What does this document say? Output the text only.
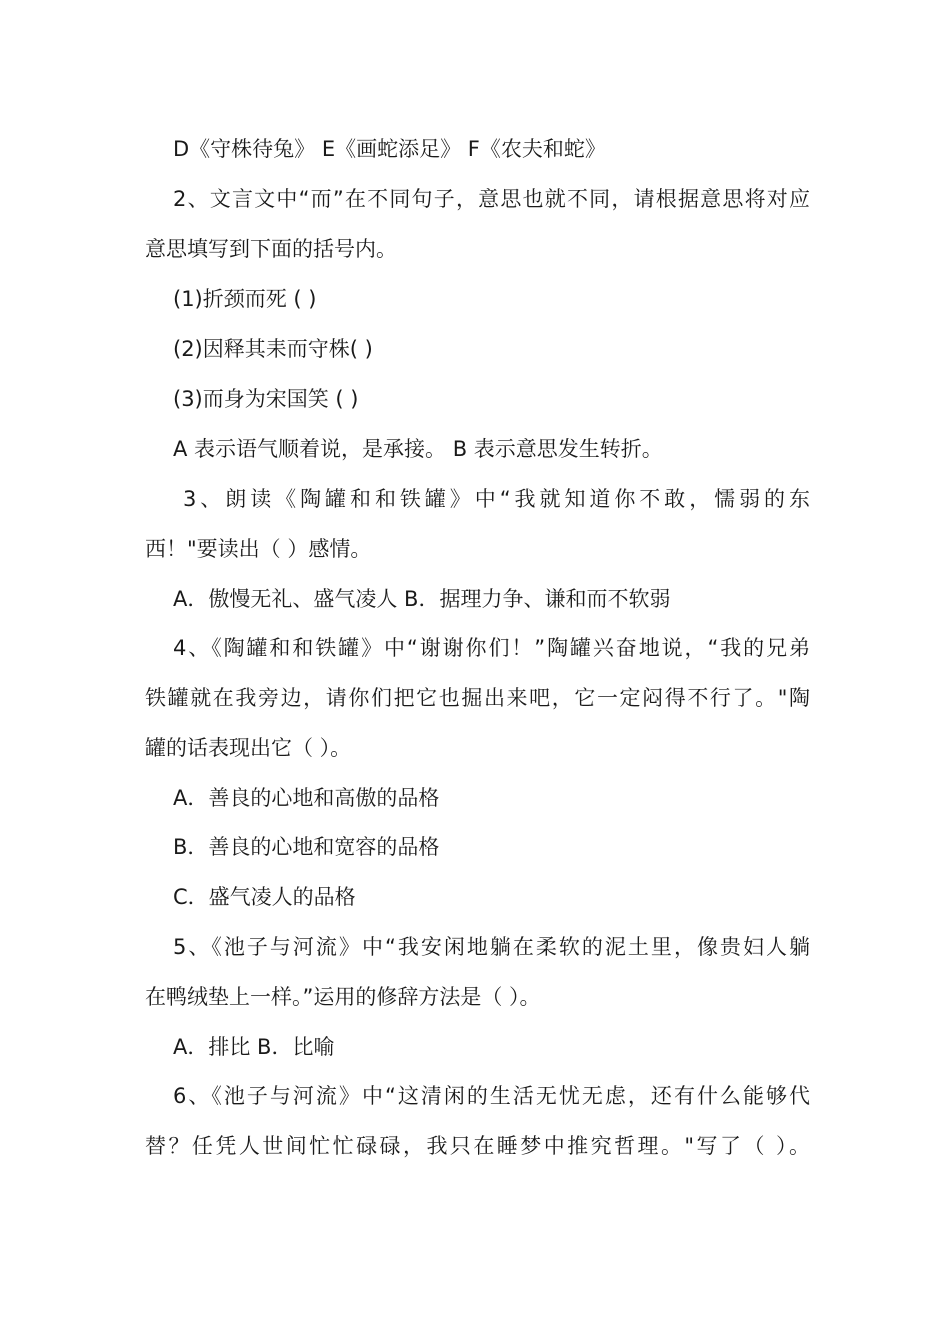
D《守株待兔》 E《画蛇添足》 F《农夫和蛇》
2、文言文中“而”在不同句子，意思也就不同，请根据意思将对应
意思填写到下面的括号内。
(1)折颈而死 ( )
(2)因释其耒而守株( )
(3)而身为宋国笑 ( )
A 表示语气顺着说，是承接。 B 表示意思发生转折。
3、朗读《陶罐和和铁罐》中“我就知道你不敢，懦弱的东
西！"要读出（ ）感情。
A．傲慢无礼、盛气凌人 B．据理力争、谦和而不软弱
4、《陶罐和和铁罐》中“谢谢你们！”陶罐兴奋地说，“我的兄弟
铁罐就在我旁边，请你们把它也掘出来吧，它一定闷得不行了。"陶
罐的话表现出它（ ）。
A．善良的心地和高傲的品格
B．善良的心地和宽容的品格
C．盛气凌人的品格
5、《池子与河流》中“我安闲地躺在柔软的泥土里，像贵妇人躺
在鸭绒垫上一样。”运用的修辞方法是（ ）。
A．排比 B．比喻
6、《池子与河流》中“这清闲的生活无忧无虑，还有什么能够代
替？任凭人世间忙忙碌碌，我只在睡梦中推究哲理。"写了（ ）。
